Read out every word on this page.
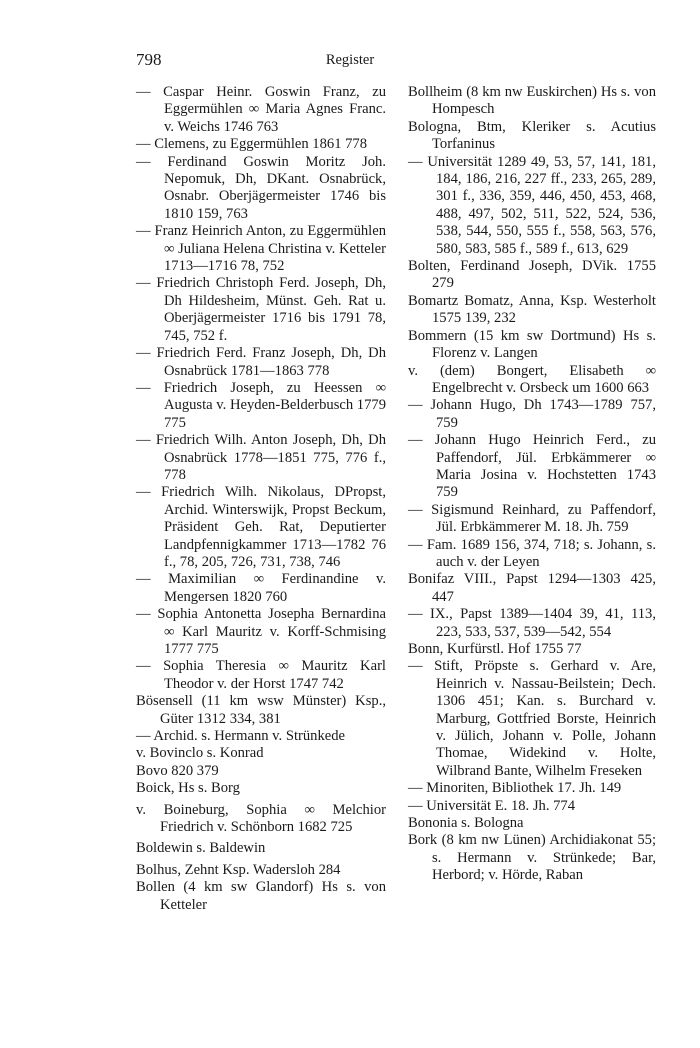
798	Register
— Caspar Heinr. Goswin Franz, zu Eggermühlen ∞ Maria Agnes Franc. v. Weichs 1746 763
— Clemens, zu Eggermühlen 1861 778
— Ferdinand Goswin Moritz Joh. Nepomuk, Dh, DKant. Osnabrück, Osnabr. Oberjägermeister 1746 bis 1810 159, 763
— Franz Heinrich Anton, zu Eggermühlen ∞ Juliana Helena Christina v. Ketteler 1713—1716 78, 752
— Friedrich Christoph Ferd. Joseph, Dh, Dh Hildesheim, Münst. Geh. Rat u. Oberjägermeister 1716 bis 1791 78, 745, 752 f.
— Friedrich Ferd. Franz Joseph, Dh, Dh Osnabrück 1781—1863 778
— Friedrich Joseph, zu Heessen ∞ Augusta v. Heyden-Belderbusch 1779 775
— Friedrich Wilh. Anton Joseph, Dh, Dh Osnabrück 1778—1851 775, 776 f., 778
— Friedrich Wilh. Nikolaus, DPropst, Archid. Winterswijk, Propst Beckum, Präsident Geh. Rat, Deputierter Landpfennigkammer 1713—1782 76 f., 78, 205, 726, 731, 738, 746
— Maximilian ∞ Ferdinandine v. Mengersen 1820 760
— Sophia Antonetta Josepha Bernardina ∞ Karl Mauritz v. Korff-Schmising 1777 775
— Sophia Theresia ∞ Mauritz Karl Theodor v. der Horst 1747 742
Bösensell (11 km wsw Münster) Ksp., Güter 1312 334, 381
— Archid. s. Hermann v. Strünkede
v. Bovinclo s. Konrad
Bovo 820 379
Boick, Hs s. Borg
v. Boineburg, Sophia ∞ Melchior Friedrich v. Schönborn 1682 725
Boldewin s. Baldewin
Bolhus, Zehnt Ksp. Wadersloh 284
Bollen (4 km sw Glandorf) Hs s. von Ketteler
Bollheim (8 km nw Euskirchen) Hs s. von Hompesch
Bologna, Btm, Kleriker s. Acutius Torfaninus
— Universität 1289 49, 53, 57, 141, 181, 184, 186, 216, 227 ff., 233, 265, 289, 301 f., 336, 359, 446, 450, 453, 468, 488, 497, 502, 511, 522, 524, 536, 538, 544, 550, 555 f., 558, 563, 576, 580, 583, 585 f., 589 f., 613, 629
Bolten, Ferdinand Joseph, DVik. 1755 279
Bomartz Bomatz, Anna, Ksp. Westerholt 1575 139, 232
Bommern (15 km sw Dortmund) Hs s. Florenz v. Langen
v. (dem) Bongert, Elisabeth ∞ Engelbrecht v. Orsbeck um 1600 663
— Johann Hugo, Dh 1743—1789 757, 759
— Johann Hugo Heinrich Ferd., zu Paffendorf, Jül. Erbkämmerer ∞ Maria Josina v. Hochstetten 1743 759
— Sigismund Reinhard, zu Paffendorf, Jül. Erbkämmerer M. 18. Jh. 759
— Fam. 1689 156, 374, 718; s. Johann, s. auch v. der Leyen
Bonifaz VIII., Papst 1294—1303 425, 447
— IX., Papst 1389—1404 39, 41, 113, 223, 533, 537, 539—542, 554
Bonn, Kurfürstl. Hof 1755 77
— Stift, Pröpste s. Gerhard v. Are, Heinrich v. Nassau-Beilstein; Dech. 1306 451; Kan. s. Burchard v. Marburg, Gottfried Borste, Heinrich v. Jülich, Johann v. Polle, Johann Thomae, Widekind v. Holte, Wilbrand Bante, Wilhelm Freseken
— Minoriten, Bibliothek 17. Jh. 149
— Universität E. 18. Jh. 774
Bononia s. Bologna
Bork (8 km nw Lünen) Archidiakonat 55; s. Hermann v. Strünkede; Bar, Herbord; v. Hörde, Raban
